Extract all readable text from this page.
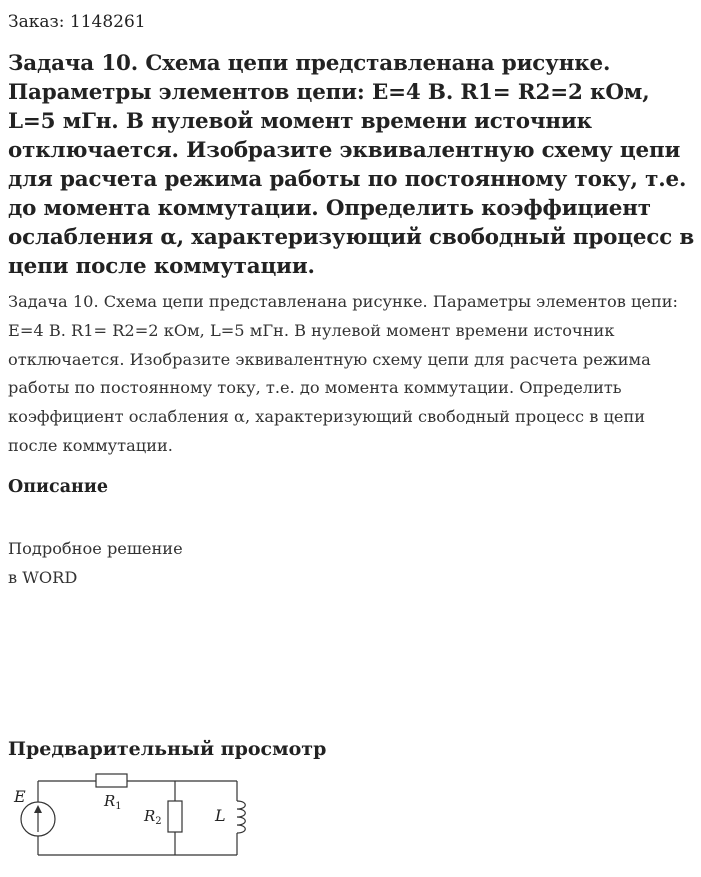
Заказ: 1148261
Задача 10. Схема цепи представленана рисунке. Параметры элементов цепи: E=4 В. R1= R2=2 кОм, L=5 мГн. В нулевой момент времени источник отключается. Изобразите эквивалентную схему цепи для расчета режима работы по постоянному току, т.е. до момента коммутации. Определить коэффициент ослабления α, характеризующий свободный процесс в цепи после коммутации.

Задача 10. Схема цепи представленана рисунке. Параметры элементов цепи: E=4 В. R1= R2=2 кОм, L=5 мГн. В нулевой момент времени источник отключается. Изобразите эквивалентную схему цепи для расчета режима работы по постоянному току, т.е. до момента коммутации. Определить коэффициент ослабления α, характеризующий свободный процесс в цепи после коммутации.

Описание
Подробное решение
в WORD
Предварительный просмотр
E	$R_1$
$R_2$	L
